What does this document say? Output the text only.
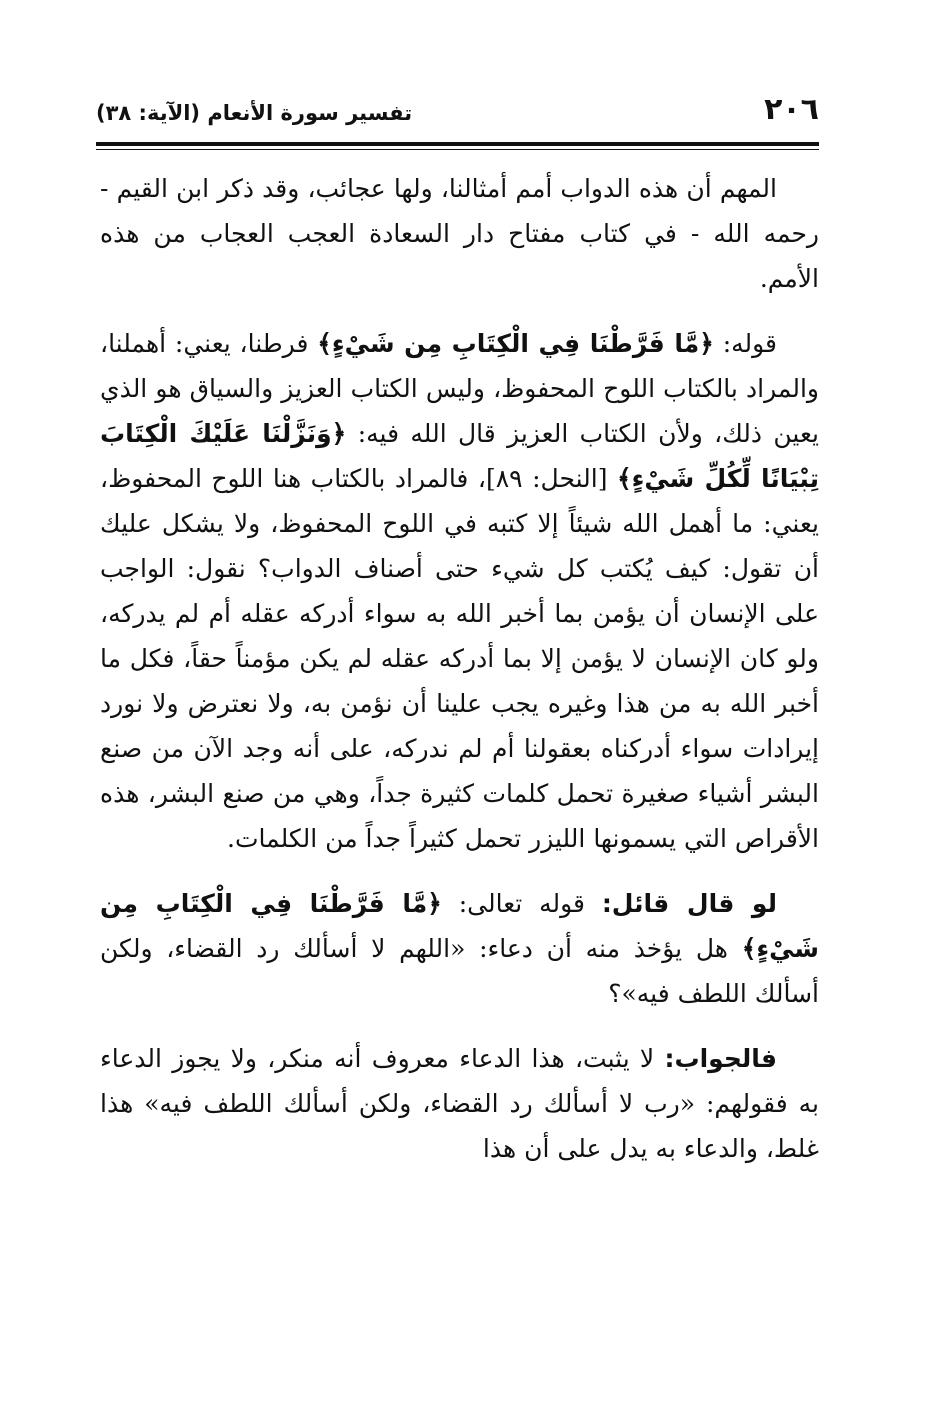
٢٠٦
تفسير سورة الأنعام (الآية: ٣٨)

المهم أن هذه الدواب أمم أمثالنا، ولها عجائب، وقد ذكر ابن القيم - رحمه الله - في كتاب مفتاح دار السعادة العجب العجاب من هذه الأمم.

قوله: ﴿مَّا فَرَّطْنَا فِي الْكِتَابِ مِن شَيْءٍ﴾ فرطنا، يعني: أهملنا، والمراد بالكتاب اللوح المحفوظ، وليس الكتاب العزيز والسياق هو الذي يعين ذلك، ولأن الكتاب العزيز قال الله فيه: ﴿وَنَزَّلْنَا عَلَيْكَ الْكِتَابَ تِبْيَانًا لِّكُلِّ شَيْءٍ﴾ [النحل: ٨٩]، فالمراد بالكتاب هنا اللوح المحفوظ، يعني: ما أهمل الله شيئاً إلا كتبه في اللوح المحفوظ، ولا يشكل عليك أن تقول: كيف يُكتب كل شيء حتى أصناف الدواب؟ نقول: الواجب على الإنسان أن يؤمن بما أخبر الله به سواء أدركه عقله أم لم يدركه، ولو كان الإنسان لا يؤمن إلا بما أدركه عقله لم يكن مؤمناً حقاً، فكل ما أخبر الله به من هذا وغيره يجب علينا أن نؤمن به، ولا نعترض ولا نورد إيرادات سواء أدركناه بعقولنا أم لم ندركه، على أنه وجد الآن من صنع البشر أشياء صغيرة تحمل كلمات كثيرة جداً، وهي من صنع البشر، هذه الأقراص التي يسمونها الليزر تحمل كثيراً جداً من الكلمات.

لو قال قائل: قوله تعالى: ﴿مَّا فَرَّطْنَا فِي الْكِتَابِ مِن شَيْءٍ﴾ هل يؤخذ منه أن دعاء: «اللهم لا أسألك رد القضاء، ولكن أسألك اللطف فيه»؟

فالجواب: لا يثبت، هذا الدعاء معروف أنه منكر، ولا يجوز الدعاء به فقولهم: «رب لا أسألك رد القضاء، ولكن أسألك اللطف فيه» هذا غلط، والدعاء به يدل على أن هذا
